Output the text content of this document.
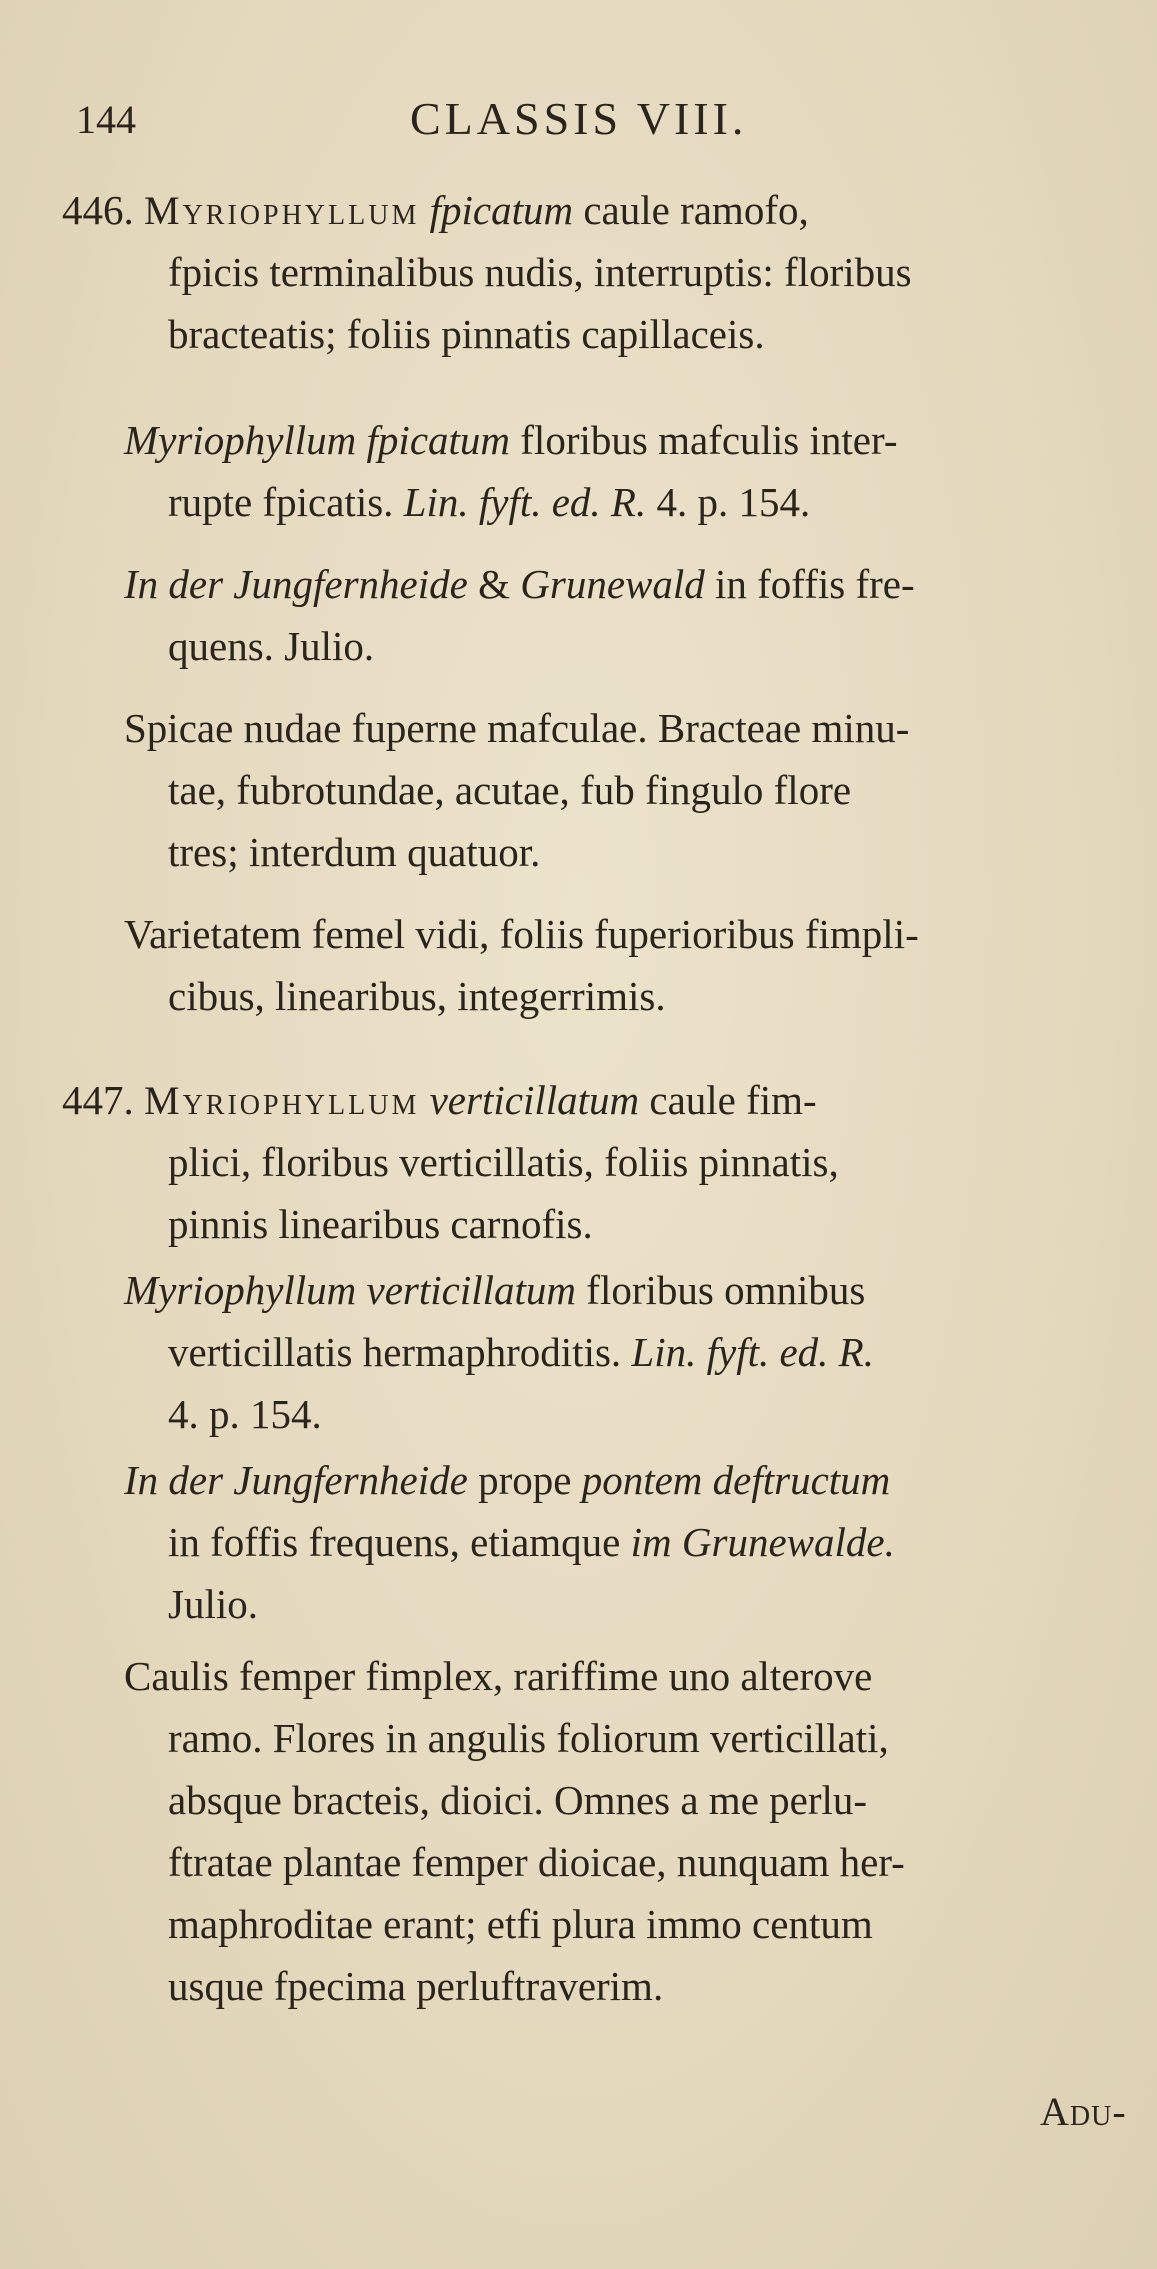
144	CLASSIS VIII.
446. Myriophyllum fpicatum caule ramofo,
fpicis terminalibus nudis, interruptis: floribus
bracteatis; foliis pinnatis capillaceis.
Myriophyllum fpicatum floribus mafculis inter-
rupte fpicatis. Lin. fyft. ed. R. 4. p. 154.
In der Jungfernheide & Grunewald in foffis fre-
quens. Julio.
Spicae nudae fuperne mafculae. Bracteae minu-
tae, fubrotundae, acutae, fub fingulo flore
tres; interdum quatuor.
Varietatem femel vidi, foliis fuperioribus fimpli-
cibus, linearibus, integerrimis.
447. Myriophyllum verticillatum caule fim-
plici, floribus verticillatis, foliis pinnatis,
pinnis linearibus carnofis.
Myriophyllum verticillatum floribus omnibus
verticillatis hermaphroditis. Lin. fyft. ed. R.
4. p. 154.
In der Jungfernheide prope pontem deftructum
in foffis frequens, etiamque im Grunewalde.
Julio.
Caulis femper fimplex, rariffime uno alterove
ramo. Flores in angulis foliorum verticillati,
absque bracteis, dioici. Omnes a me perlu-
ftratae plantae femper dioicae, nunquam her-
maphroditae erant; etfi plura immo centum
usque fpecima perluftraverim.
Adu-
